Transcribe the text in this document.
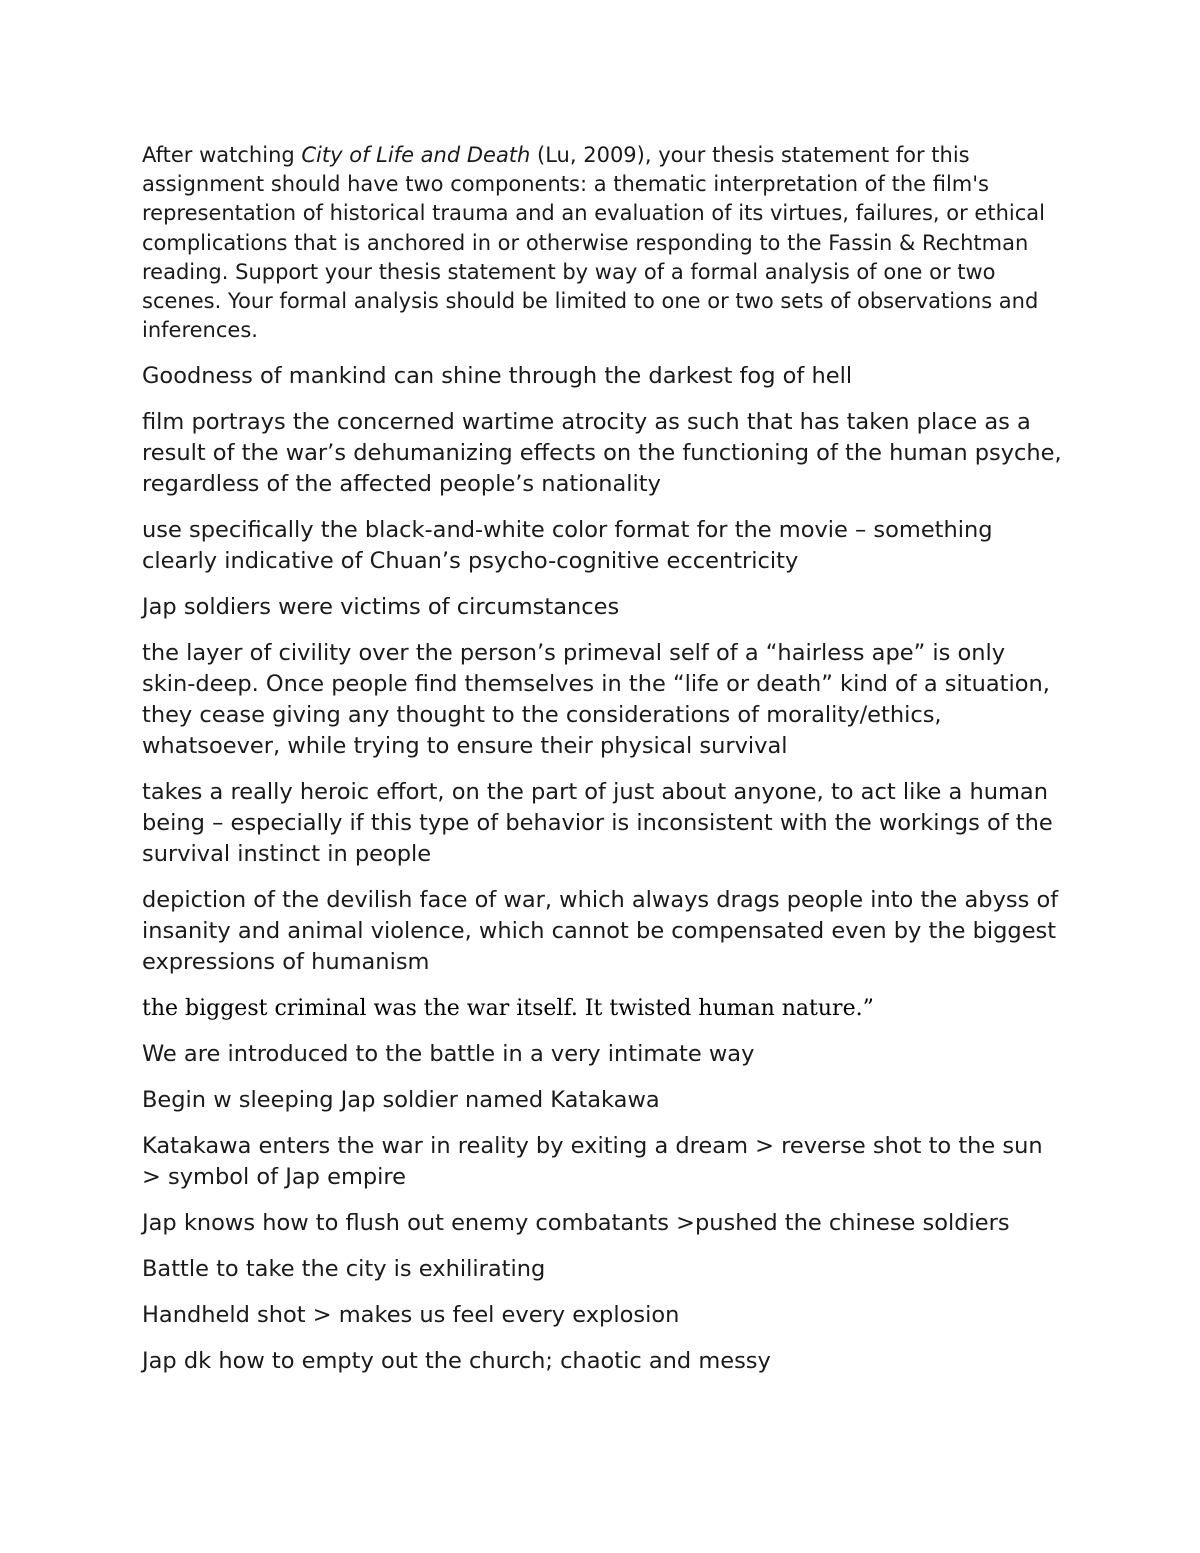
After watching City of Life and Death (Lu, 2009), your thesis statement for this assignment should have two components: a thematic interpretation of the film's representation of historical trauma and an evaluation of its virtues, failures, or ethical complications that is anchored in or otherwise responding to the Fassin & Rechtman reading. Support your thesis statement by way of a formal analysis of one or two scenes. Your formal analysis should be limited to one or two sets of observations and inferences.

Goodness of mankind can shine through the darkest fog of hell

film portrays the concerned wartime atrocity as such that has taken place as a result of the war’s dehumanizing effects on the functioning of the human psyche, regardless of the affected people’s nationality

use specifically the black-and-white color format for the movie – something clearly indicative of Chuan’s psycho-cognitive eccentricity

Jap soldiers were victims of circumstances

the layer of civility over the person’s primeval self of a “hairless ape” is only skin-deep. Once people find themselves in the “life or death” kind of a situation, they cease giving any thought to the considerations of morality/ethics, whatsoever, while trying to ensure their physical survival

takes a really heroic effort, on the part of just about anyone, to act like a human being – especially if this type of behavior is inconsistent with the workings of the survival instinct in people

depiction of the devilish face of war, which always drags people into the abyss of insanity and animal violence, which cannot be compensated even by the biggest expressions of humanism

the biggest criminal was the war itself. It twisted human nature.”

We are introduced to the battle in a very intimate way

Begin w sleeping Jap soldier named Katakawa

Katakawa enters the war in reality by exiting a dream > reverse shot to the sun > symbol of Jap empire

Jap knows how to flush out enemy combatants >pushed the chinese soldiers

Battle to take the city is exhilirating

Handheld shot > makes us feel every explosion

Jap dk how to empty out the church; chaotic and messy
